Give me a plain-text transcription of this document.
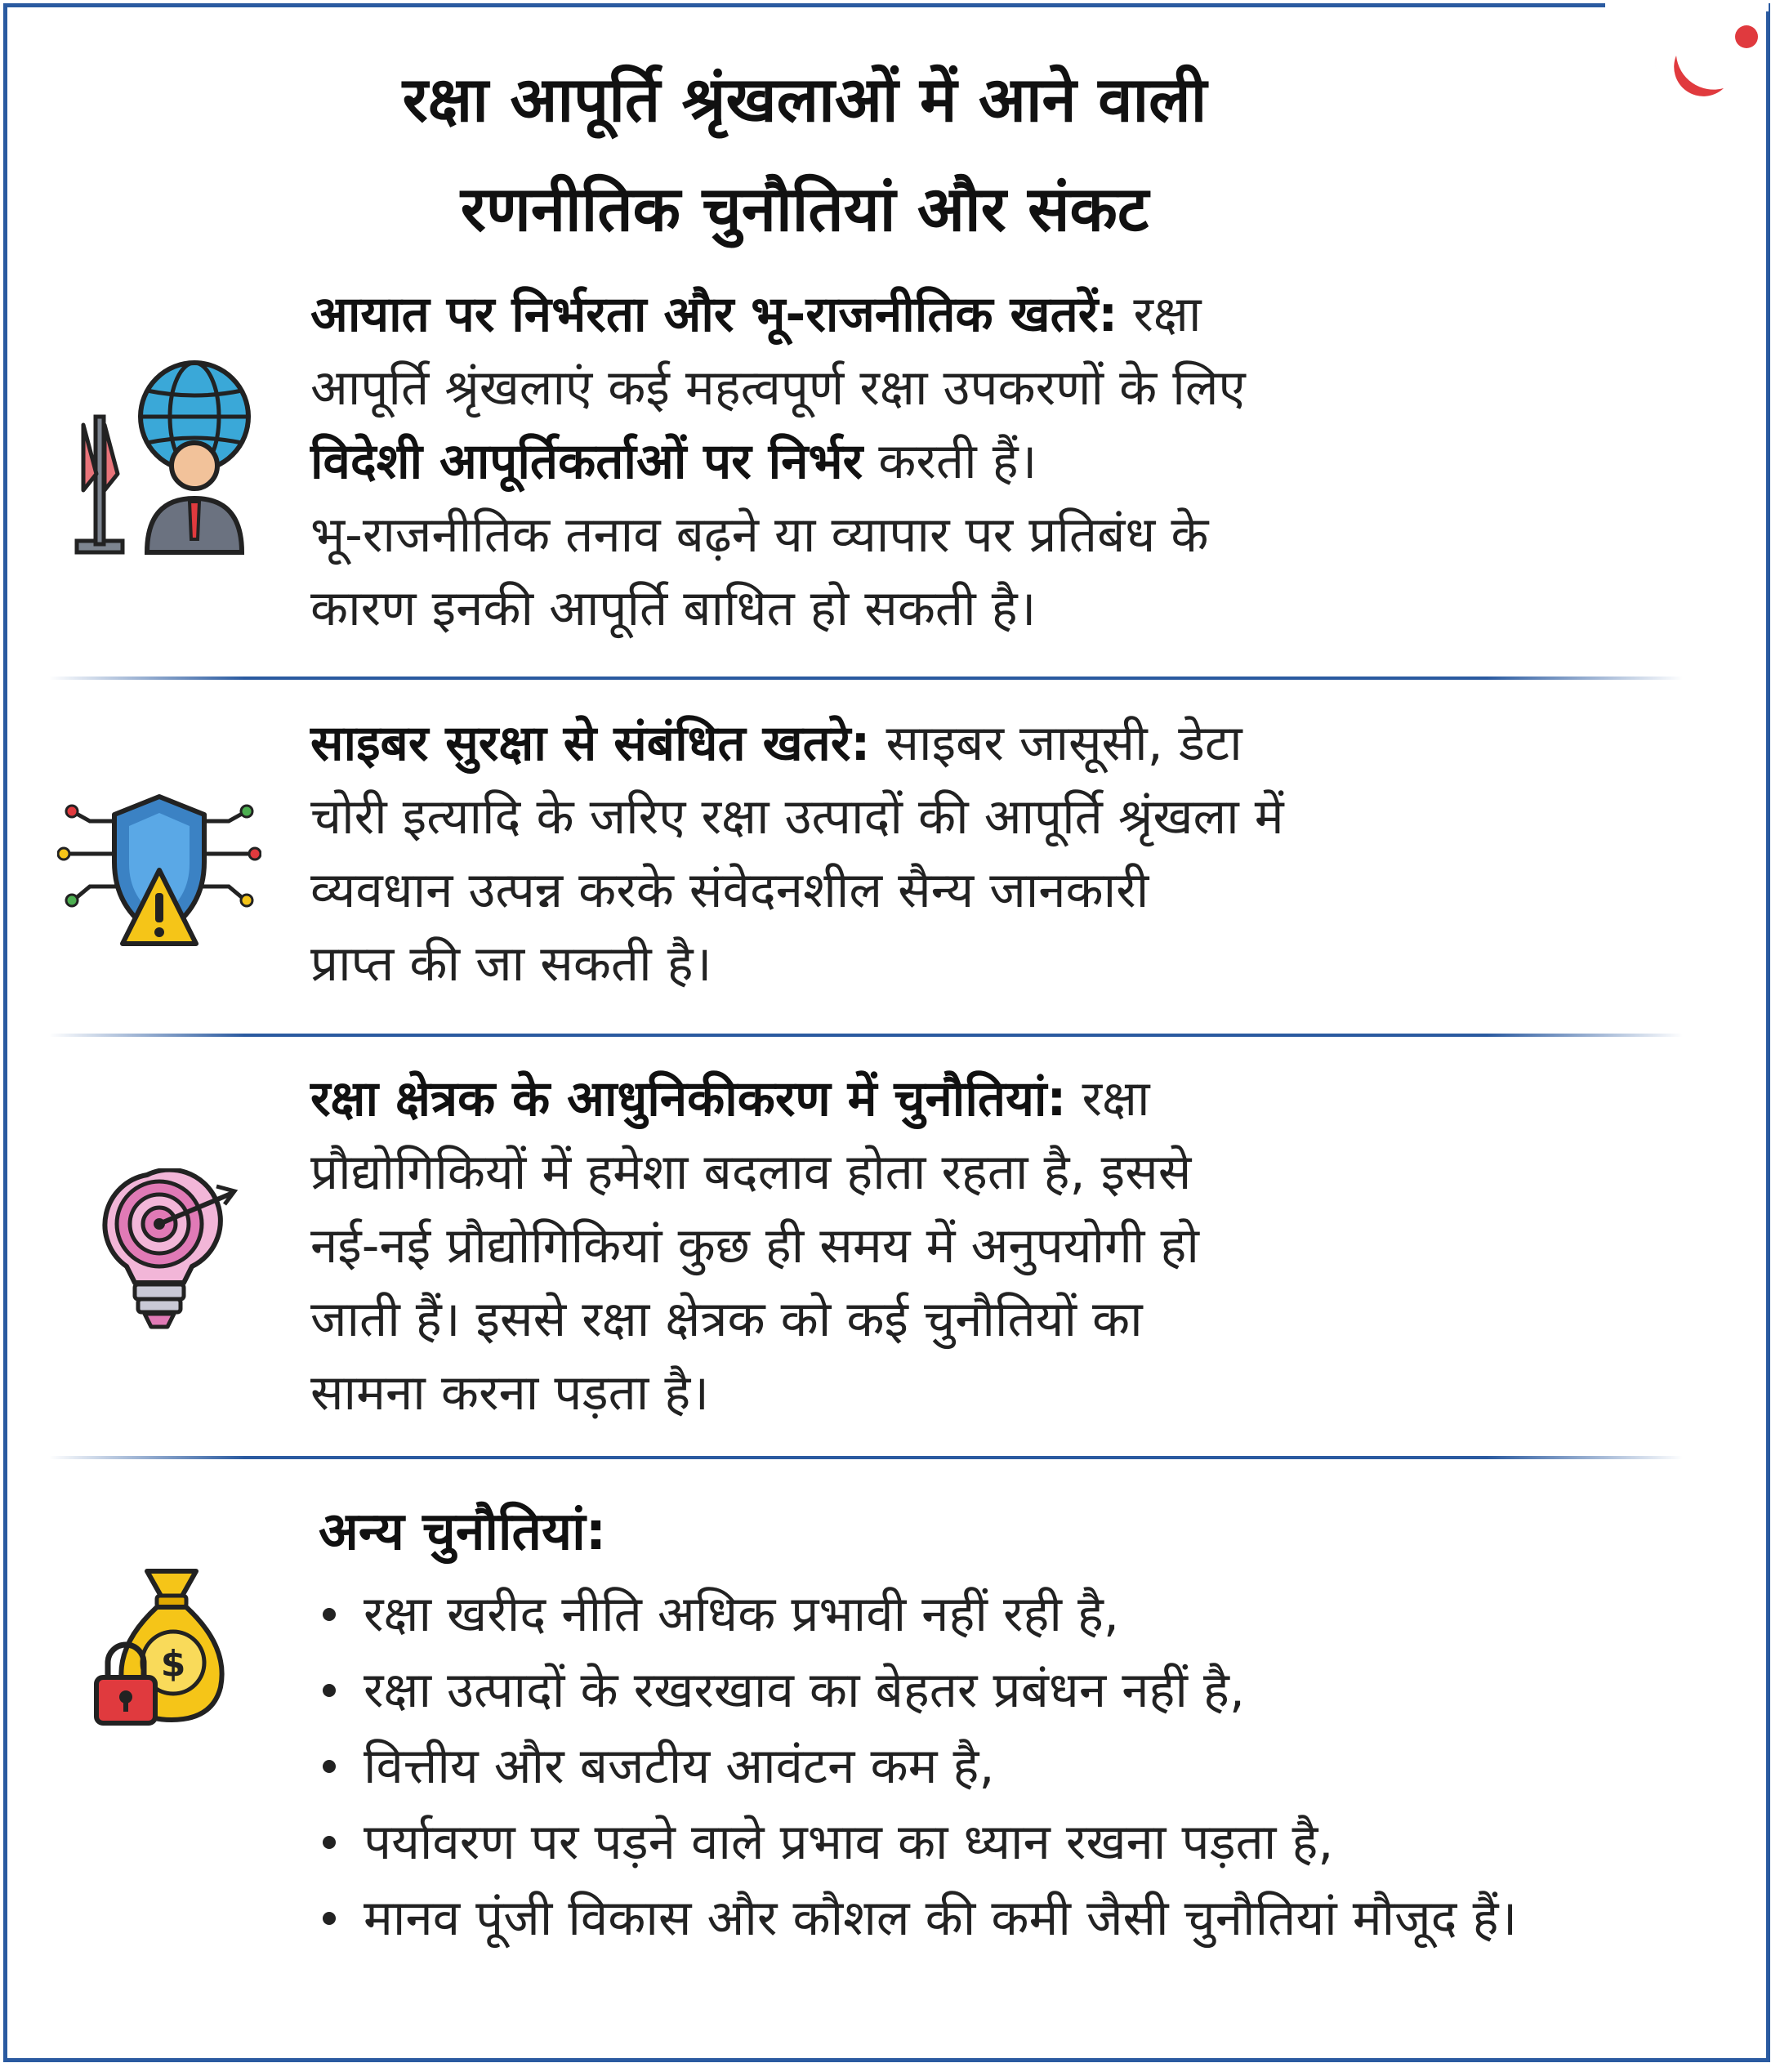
रक्षा आपूर्ति श्रृंखलाओं में आने वाली
रणनीतिक चुनौतियां और संकट
आयात पर निर्भरता और भू-राजनीतिक खतरें: रक्षा
आपूर्ति श्रृंखलाएं कई महत्वपूर्ण रक्षा उपकरणों के लिए
विदेशी आपूर्तिकर्ताओं पर निर्भर करती हैं।
भू-राजनीतिक तनाव बढ़ने या व्यापार पर प्रतिबंध के
कारण इनकी आपूर्ति बाधित हो सकती है।
साइबर सुरक्षा से संबंधित खतरे: साइबर जासूसी, डेटा
चोरी इत्यादि के जरिए रक्षा उत्पादों की आपूर्ति श्रृंखला में
व्यवधान उत्पन्न करके संवेदनशील सैन्य जानकारी
प्राप्त की जा सकती है।
रक्षा क्षेत्रक के आधुनिकीकरण में चुनौतियां: रक्षा
प्रौद्योगिकियों में हमेशा बदलाव होता रहता है, इससे
नई-नई प्रौद्योगिकियां कुछ ही समय में अनुपयोगी हो
जाती हैं। इससे रक्षा क्षेत्रक को कई चुनौतियों का
सामना करना पड़ता है।
$
अन्य चुनौतियां:
रक्षा खरीद नीति अधिक प्रभावी नहीं रही है,
रक्षा उत्पादों के रखरखाव का बेहतर प्रबंधन नहीं है,
वित्तीय और बजटीय आवंटन कम है,
पर्यावरण पर पड़ने वाले प्रभाव का ध्यान रखना पड़ता है,
मानव पूंजी विकास और कौशल की कमी जैसी चुनौतियां मौजूद हैं।
